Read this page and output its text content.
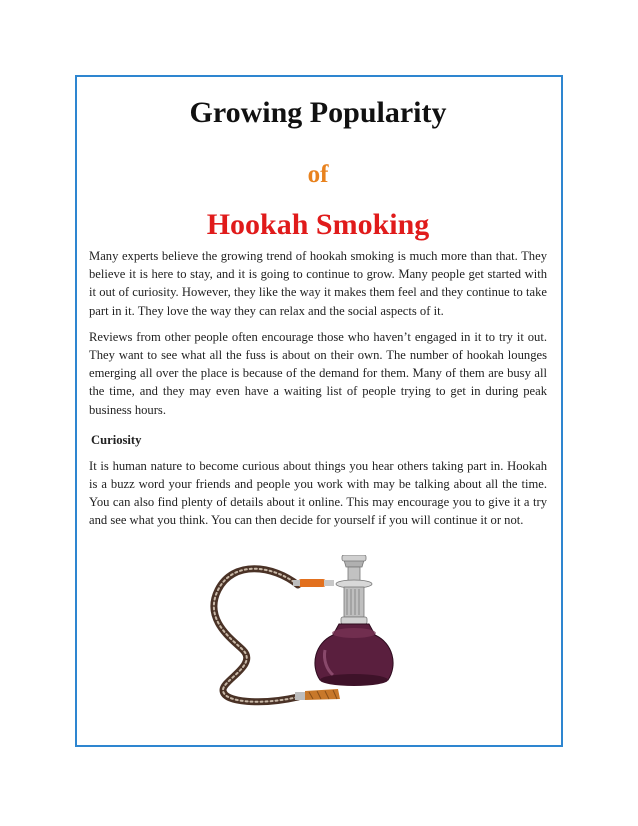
Growing Popularity
of
Hookah Smoking

Many experts believe the growing trend of hookah smoking is much more than that. They believe it is here to stay, and it is going to continue to grow. Many people get started with it out of curiosity. However, they like the way it makes them feel and they continue to take part in it. They love the way they can relax and the social aspects of it.

Reviews from other people often encourage those who haven’t engaged in it to try it out. They want to see what all the fuss is about on their own. The number of hookah lounges emerging all over the place is because of the demand for them. Many of them are busy all the time, and they may even have a waiting list of people trying to get in during peak business hours.

Curiosity

It is human nature to become curious about things you hear others taking part in. Hookah is a buzz word your friends and people you work with may be talking about all the time. You can also find plenty of details about it online. This may encourage you to give it a try and see what you think. You can then decide for yourself if you will continue it or not.
